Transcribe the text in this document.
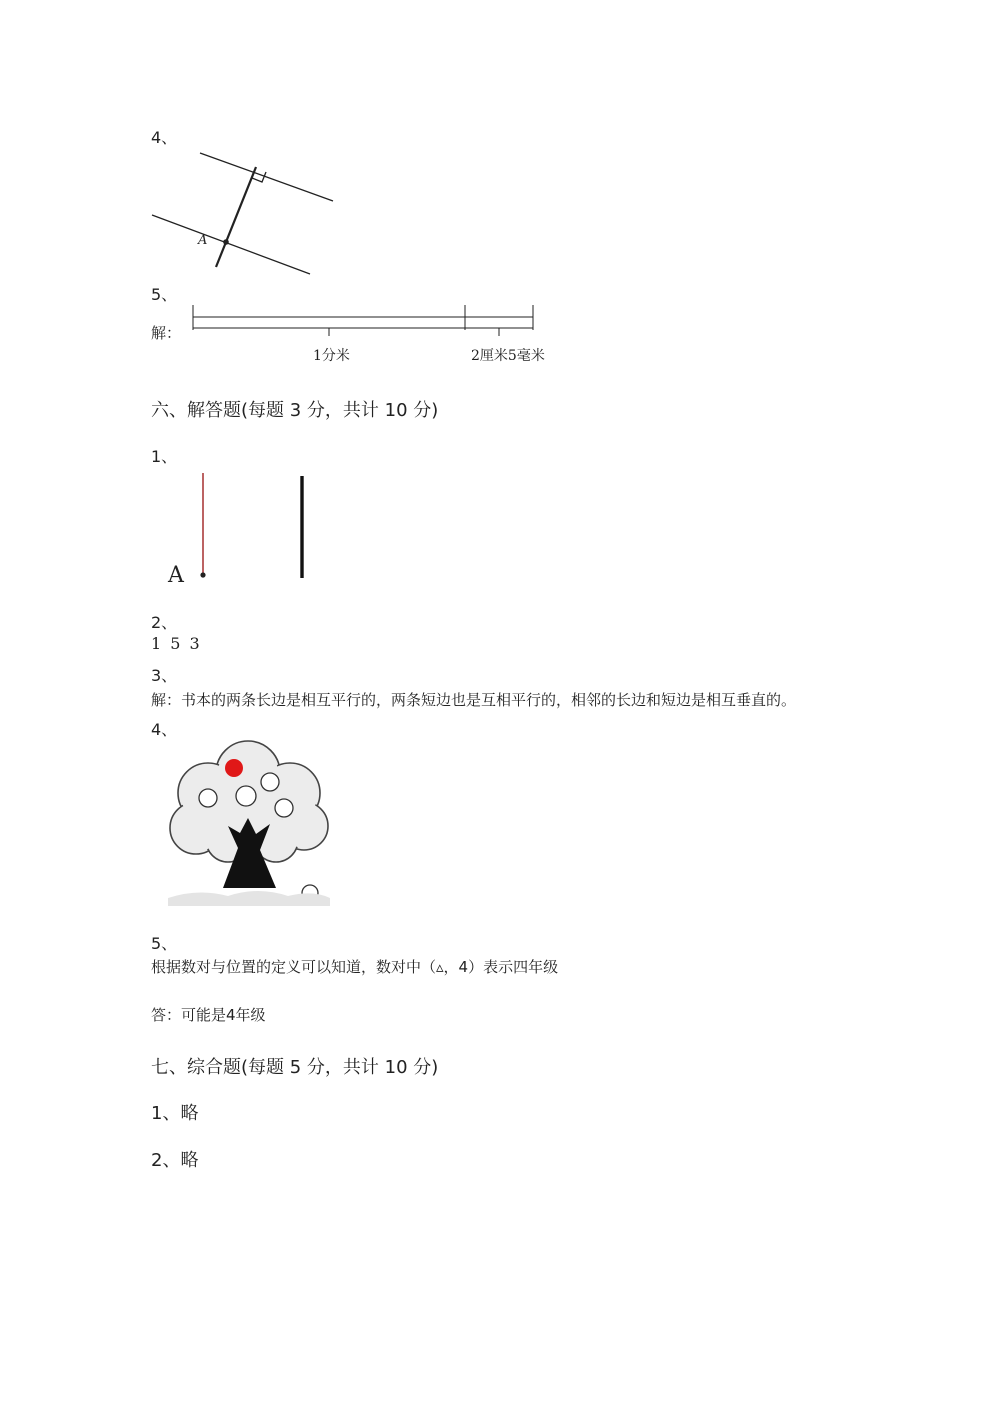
4、
A
5、
解：
1分米	2厘米5毫米
六、解答题(每题 3 分，共计 10 分)
1、
A
2、
1 5 3
3、
解：书本的两条长边是相互平行的，两条短边也是互相平行的，相邻的长边和短边是相互垂直的。
4、
5、
根据数对与位置的定义可以知道，数对中（▵，4）表示四年级
答：可能是4年级
七、综合题(每题 5 分，共计 10 分)
1、略
2、略
